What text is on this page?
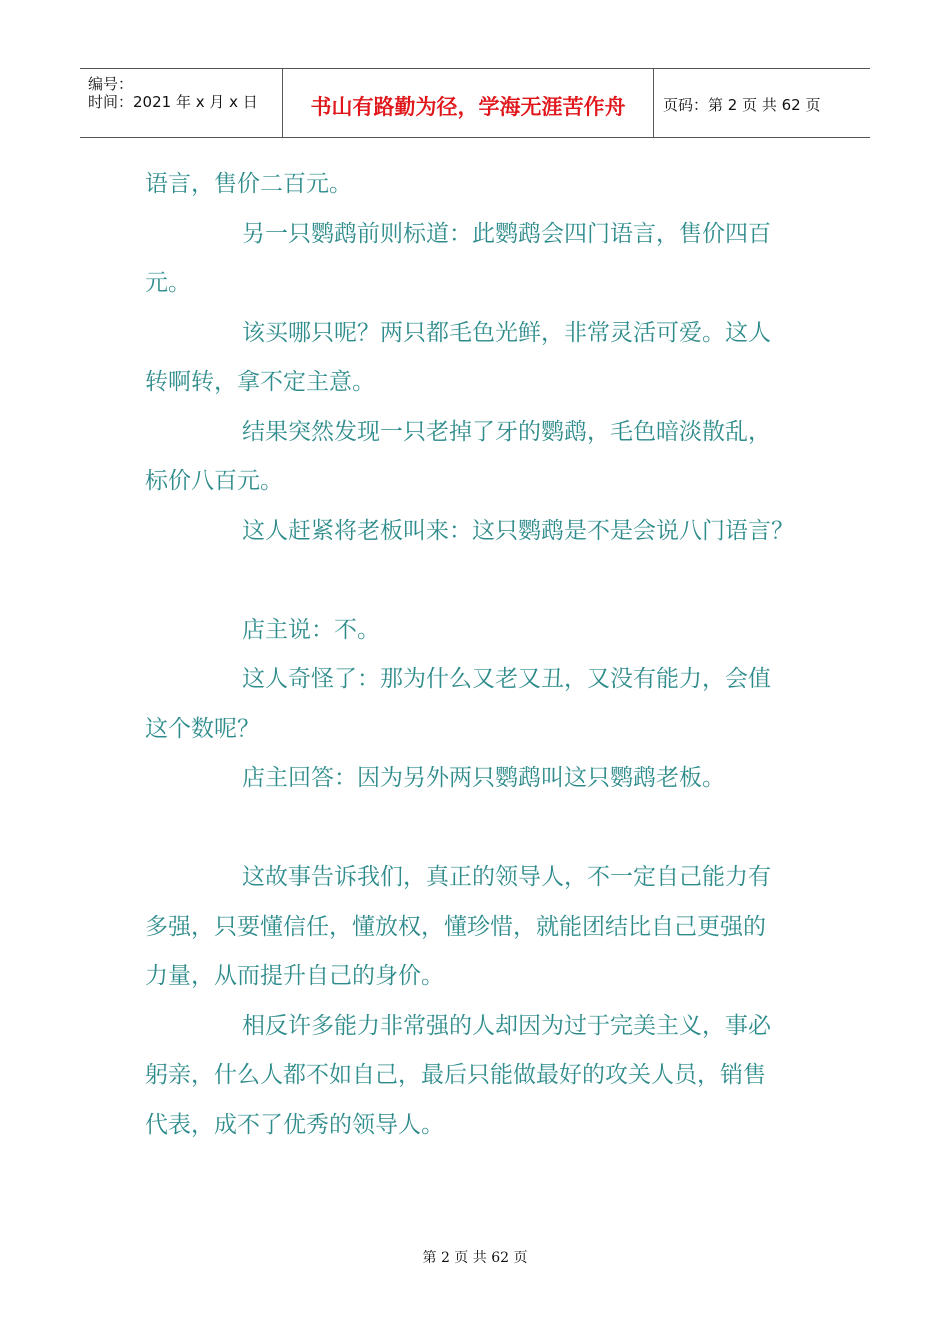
编号：
时间：2021 年 x 月 x 日	书山有路勤为径，学海无涯苦作舟	页码：第 2 页 共 62 页

语言，售价二百元。

另一只鹦鹉前则标道：此鹦鹉会四门语言，售价四百

元。

该买哪只呢？两只都毛色光鲜，非常灵活可爱。这人

转啊转，拿不定主意。

结果突然发现一只老掉了牙的鹦鹉，毛色暗淡散乱，

标价八百元。

这人赶紧将老板叫来：这只鹦鹉是不是会说八门语言？

店主说：不。

这人奇怪了：那为什么又老又丑，又没有能力，会值

这个数呢？

店主回答：因为另外两只鹦鹉叫这只鹦鹉老板。

这故事告诉我们，真正的领导人，不一定自己能力有

多强，只要懂信任，懂放权，懂珍惜，就能团结比自己更强的

力量，从而提升自己的身价。

相反许多能力非常强的人却因为过于完美主义，事必

躬亲，什么人都不如自己，最后只能做最好的攻关人员，销售

代表，成不了优秀的领导人。

第 2 页 共 62 页
